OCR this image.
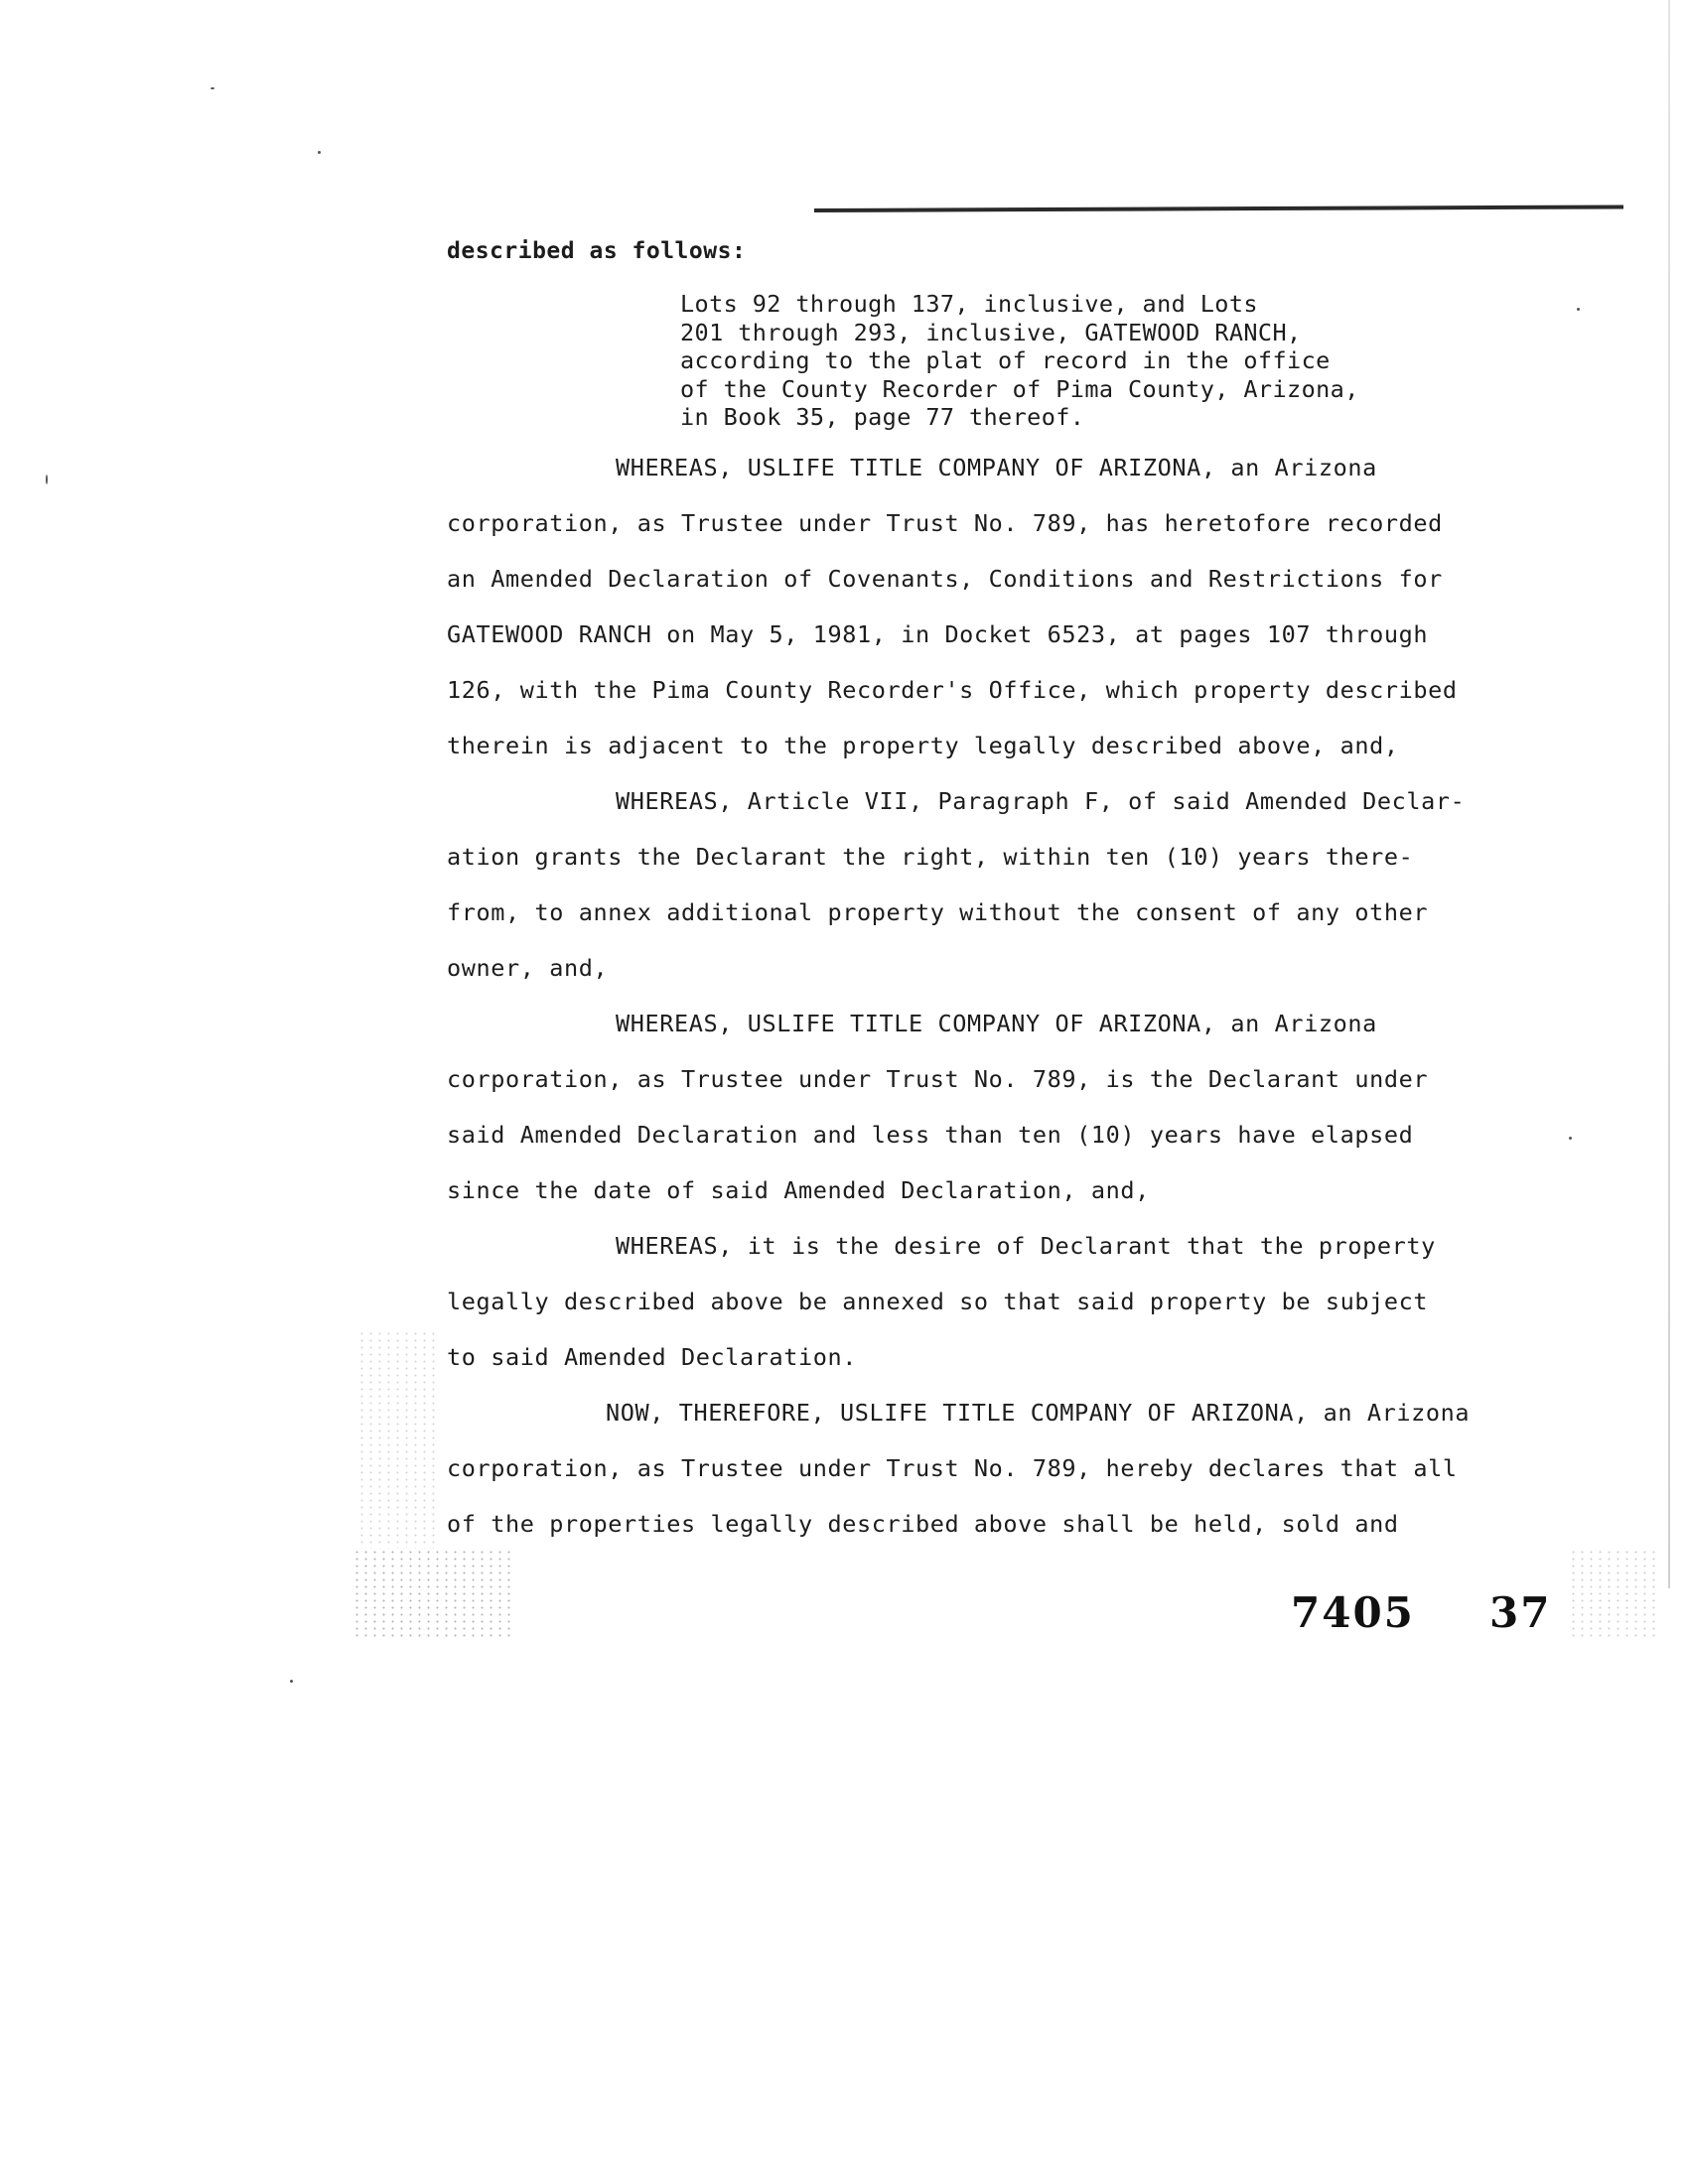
described as follows:
Lots 92 through 137, inclusive, and Lots
201 through 293, inclusive, GATEWOOD RANCH,
according to the plat of record in the office
of the County Recorder of Pima County, Arizona,
in Book 35, page 77 thereof.
WHEREAS, USLIFE TITLE COMPANY OF ARIZONA, an Arizona
corporation, as Trustee under Trust No. 789, has heretofore recorded
an Amended Declaration of Covenants, Conditions and Restrictions for
GATEWOOD RANCH on May 5, 1981, in Docket 6523, at pages 107 through
126, with the Pima County Recorder's Office, which property described
therein is adjacent to the property legally described above, and,
WHEREAS, Article VII, Paragraph F, of said Amended Declar-
ation grants the Declarant the right, within ten (10) years there-
from, to annex additional property without the consent of any other
owner, and,
WHEREAS, USLIFE TITLE COMPANY OF ARIZONA, an Arizona
corporation, as Trustee under Trust No. 789, is the Declarant under
said Amended Declaration and less than ten (10) years have elapsed
since the date of said Amended Declaration, and,
WHEREAS, it is the desire of Declarant that the property
legally described above be annexed so that said property be subject
to said Amended Declaration.
NOW, THEREFORE, USLIFE TITLE COMPANY OF ARIZONA, an Arizona
corporation, as Trustee under Trust No. 789, hereby declares that all
of the properties legally described above shall be held, sold and
7405 37
